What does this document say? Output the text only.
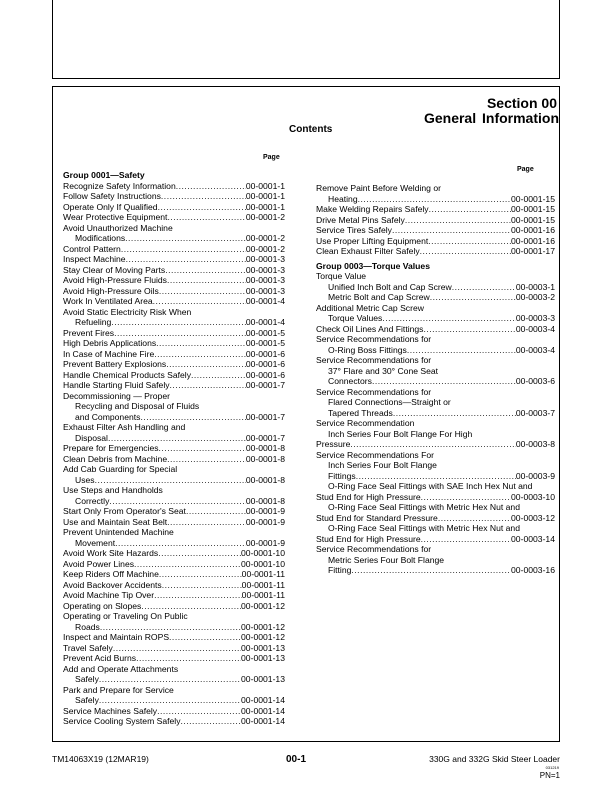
Section 00
General Information
Contents
Page
Page
Group 0001—Safety
Recognize Safety Information .....	00-0001-1
Follow Safety Instructions .....	00-0001-1
Operate Only If Qualified .....	00-0001-1
Wear Protective Equipment .....	00-0001-2
Avoid Unauthorized Machine
Modifications .....	00-0001-2
Control Pattern .....	00-0001-2
Inspect Machine .....	00-0001-3
Stay Clear of Moving Parts .....	00-0001-3
Avoid High-Pressure Fluids .....	00-0001-3
Avoid High-Pressure Oils .....	00-0001-3
Work In Ventilated Area .....	00-0001-4
Avoid Static Electricity Risk When
Refueling .....	00-0001-4
Prevent Fires .....	00-0001-5
High Debris Applications .....	00-0001-5
In Case of Machine Fire .....	00-0001-6
Prevent Battery Explosions .....	00-0001-6
Handle Chemical Products Safely .....	00-0001-6
Handle Starting Fluid Safely .....	00-0001-7
Decommissioning — Proper
Recycling and Disposal of Fluids
and Components .....	00-0001-7
Exhaust Filter Ash Handling and
Disposal .....	00-0001-7
Prepare for Emergencies .....	00-0001-8
Clean Debris from Machine .....	00-0001-8
Add Cab Guarding for Special
Uses .....	00-0001-8
Use Steps and Handholds
Correctly .....	00-0001-8
Start Only From Operator's Seat .....	00-0001-9
Use and Maintain Seat Belt .....	00-0001-9
Prevent Unintended Machine
Movement .....	00-0001-9
Avoid Work Site Hazards .....	00-0001-10
Avoid Power Lines .....	00-0001-10
Keep Riders Off Machine .....	00-0001-11
Avoid Backover Accidents .....	00-0001-11
Avoid Machine Tip Over .....	00-0001-11
Operating on Slopes .....	00-0001-12
Operating or Traveling On Public
Roads .....	00-0001-12
Inspect and Maintain ROPS .....	00-0001-12
Travel Safely .....	00-0001-13
Prevent Acid Burns .....	00-0001-13
Add and Operate Attachments
Safely .....	00-0001-13
Park and Prepare for Service
Safely .....	00-0001-14
Service Machines Safely .....	00-0001-14
Service Cooling System Safely .....	00-0001-14
Remove Paint Before Welding or
Heating .....	00-0001-15
Make Welding Repairs Safely .....	00-0001-15
Drive Metal Pins Safely .....	00-0001-15
Service Tires Safely .....	00-0001-16
Use Proper Lifting Equipment .....	00-0001-16
Clean Exhaust Filter Safely .....	00-0001-17
Group 0003—Torque Values
Torque Value
Unified Inch Bolt and Cap Screw .....	00-0003-1
Metric Bolt and Cap Screw .....	00-0003-2
Additional Metric Cap Screw
Torque Values .....	00-0003-3
Check Oil Lines And Fittings .....	00-0003-4
Service Recommendations for
O-Ring Boss Fittings .....	00-0003-4
Service Recommendations for
37° Flare and 30° Cone Seat
Connectors .....	00-0003-6
Service Recommendations for
Flared Connections—Straight or
Tapered Threads .....	00-0003-7
Service Recommendation
Inch Series Four Bolt Flange For High
Pressure .....	00-0003-8
Service Recommendations For
Inch Series Four Bolt Flange
Fittings .....	00-0003-9
O-Ring Face Seal Fittings with SAE Inch Hex Nut and
Stud End for High Pressure .....	00-0003-10
O-Ring Face Seal Fittings with Metric Hex Nut and
Stud End for Standard Pressure .....	00-0003-12
O-Ring Face Seal Fittings with Metric Hex Nut and
Stud End for High Pressure .....	00-0003-14
Service Recommendations for
Metric Series Four Bolt Flange
Fitting .....	00-0003-16
TM14063X19 (12MAR19)	00-1	330G and 332G Skid Steer Loader
031219
PN=1
